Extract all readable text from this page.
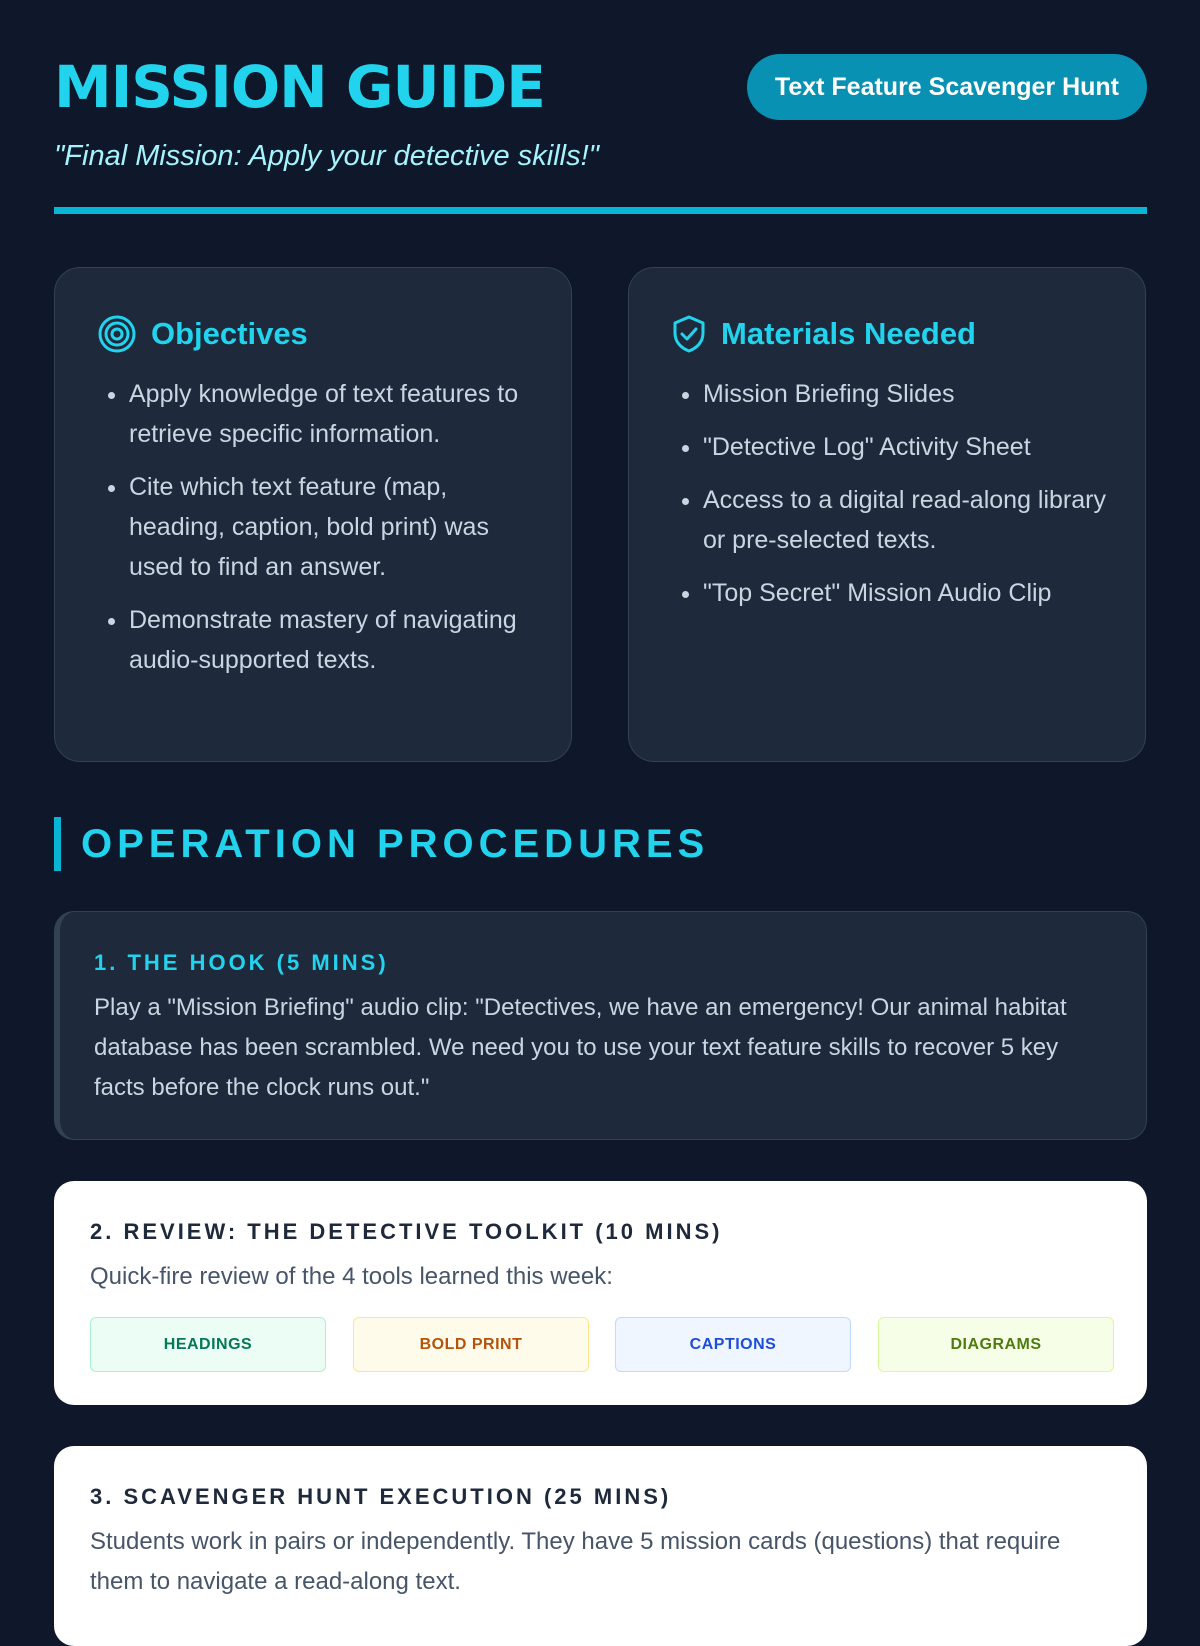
MISSION GUIDE	Text Feature Scavenger Hunt
"Final Mission: Apply your detective skills!"
Objectives
• Apply knowledge of text features to retrieve specific information.
• Cite which text feature (map, heading, caption, bold print) was used to find an answer.
• Demonstrate mastery of navigating audio-supported texts.
Materials Needed
• Mission Briefing Slides
• "Detective Log" Activity Sheet
• Access to a digital read-along library or pre-selected texts.
• "Top Secret" Mission Audio Clip
OPERATION PROCEDURES
1. THE HOOK (5 MINS)
Play a "Mission Briefing" audio clip: "Detectives, we have an emergency! Our animal habitat database has been scrambled. We need you to use your text feature skills to recover 5 key facts before the clock runs out."
2. REVIEW: THE DETECTIVE TOOLKIT (10 MINS)
Quick-fire review of the 4 tools learned this week:
HEADINGS	BOLD PRINT	CAPTIONS	DIAGRAMS
3. SCAVENGER HUNT EXECUTION (25 MINS)
Students work in pairs or independently. They have 5 mission cards (questions) that require them to navigate a read-along text.
